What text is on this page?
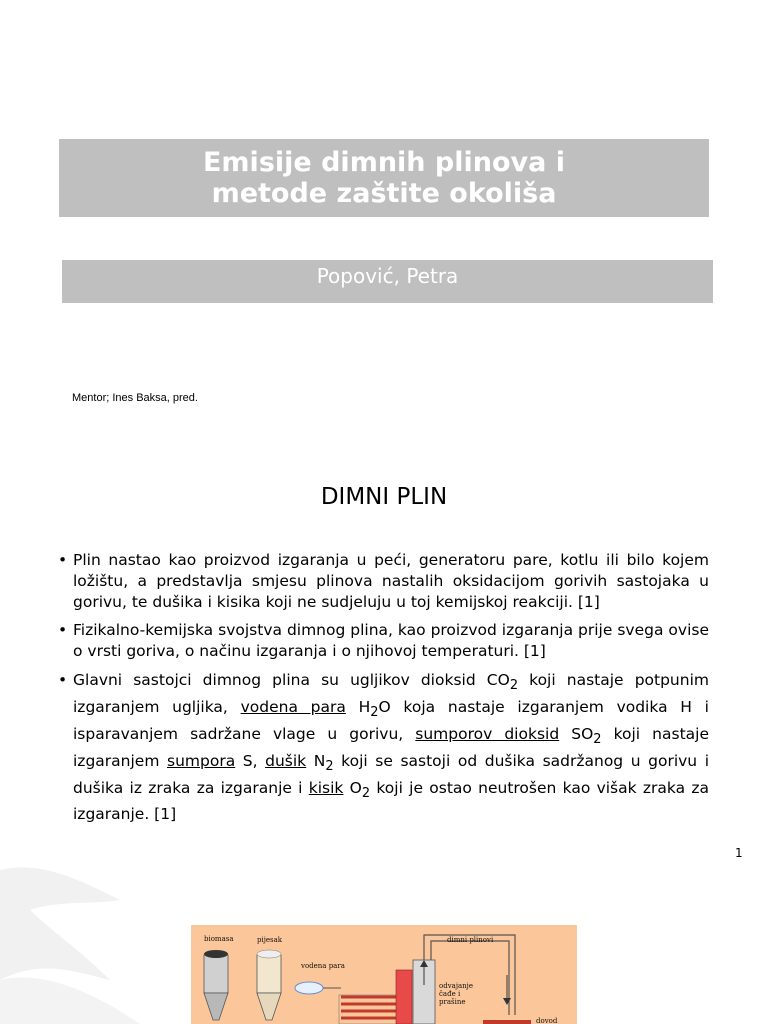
Emisije dimnih plinova i
metode zaštite okoliša
Popović, Petra
Mentor; Ines Baksa, pred.
DIMNI PLIN
• Plin nastao kao proizvod izgaranja u peći, generatoru pare, kotlu ili bilo kojem ložištu, a predstavlja smjesu plinova nastalih oksidacijom gorivih sastojaka u gorivu, te dušika i kisika koji ne sudjeluju u toj kemijskoj reakciji. [1]
• Fizikalno-kemijska svojstva dimnog plina, kao proizvod izgaranja prije svega ovise o vrsti goriva, o načinu izgaranja i o njihovoj temperaturi. [1]
• Glavni sastojci dimnog plina su ugljikov dioksid $CO_2$ koji nastaje potpunim izgaranjem ugljika, vodena para $H_2O$ koja nastaje izgaranjem vodika H i isparavanjem sadržane vlage u gorivu, sumporov dioksid $SO_2$ koji nastaje izgaranjem sumpora S, dušik $N_2$ koji se sastoji od dušika sadržanog u gorivu i dušika iz zraka za izgaranje i kisik $O_2$ koji je ostao neutrošen kao višak zraka za izgaranje. [1]
1
biomasa	pijesak
vodena para
dimni plinovi
odvajanje
čađe i
prašine
dovod
